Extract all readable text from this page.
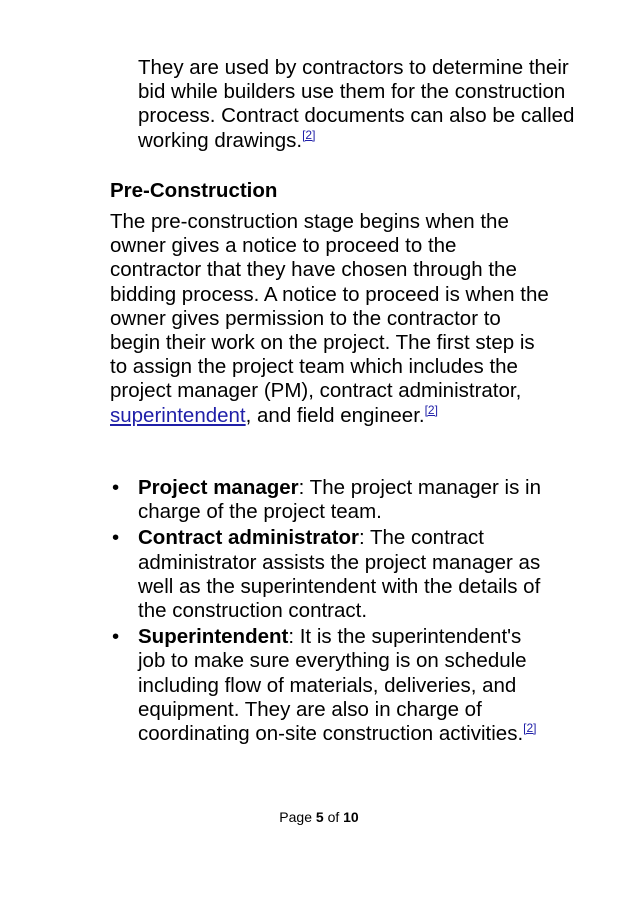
They are used by contractors to determine their bid while builders use them for the construction process. Contract documents can also be called working drawings.[2]

Pre-Construction

The pre-construction stage begins when the owner gives a notice to proceed to the contractor that they have chosen through the bidding process. A notice to proceed is when the owner gives permission to the contractor to begin their work on the project. The first step is to assign the project team which includes the project manager (PM), contract administrator, superintendent, and field engineer.[2]

• Project manager: The project manager is in charge of the project team.
• Contract administrator: The contract administrator assists the project manager as well as the superintendent with the details of the construction contract.
• Superintendent: It is the superintendent's job to make sure everything is on schedule including flow of materials, deliveries, and equipment. They are also in charge of coordinating on-site construction activities.[2]
Page 5 of 10
